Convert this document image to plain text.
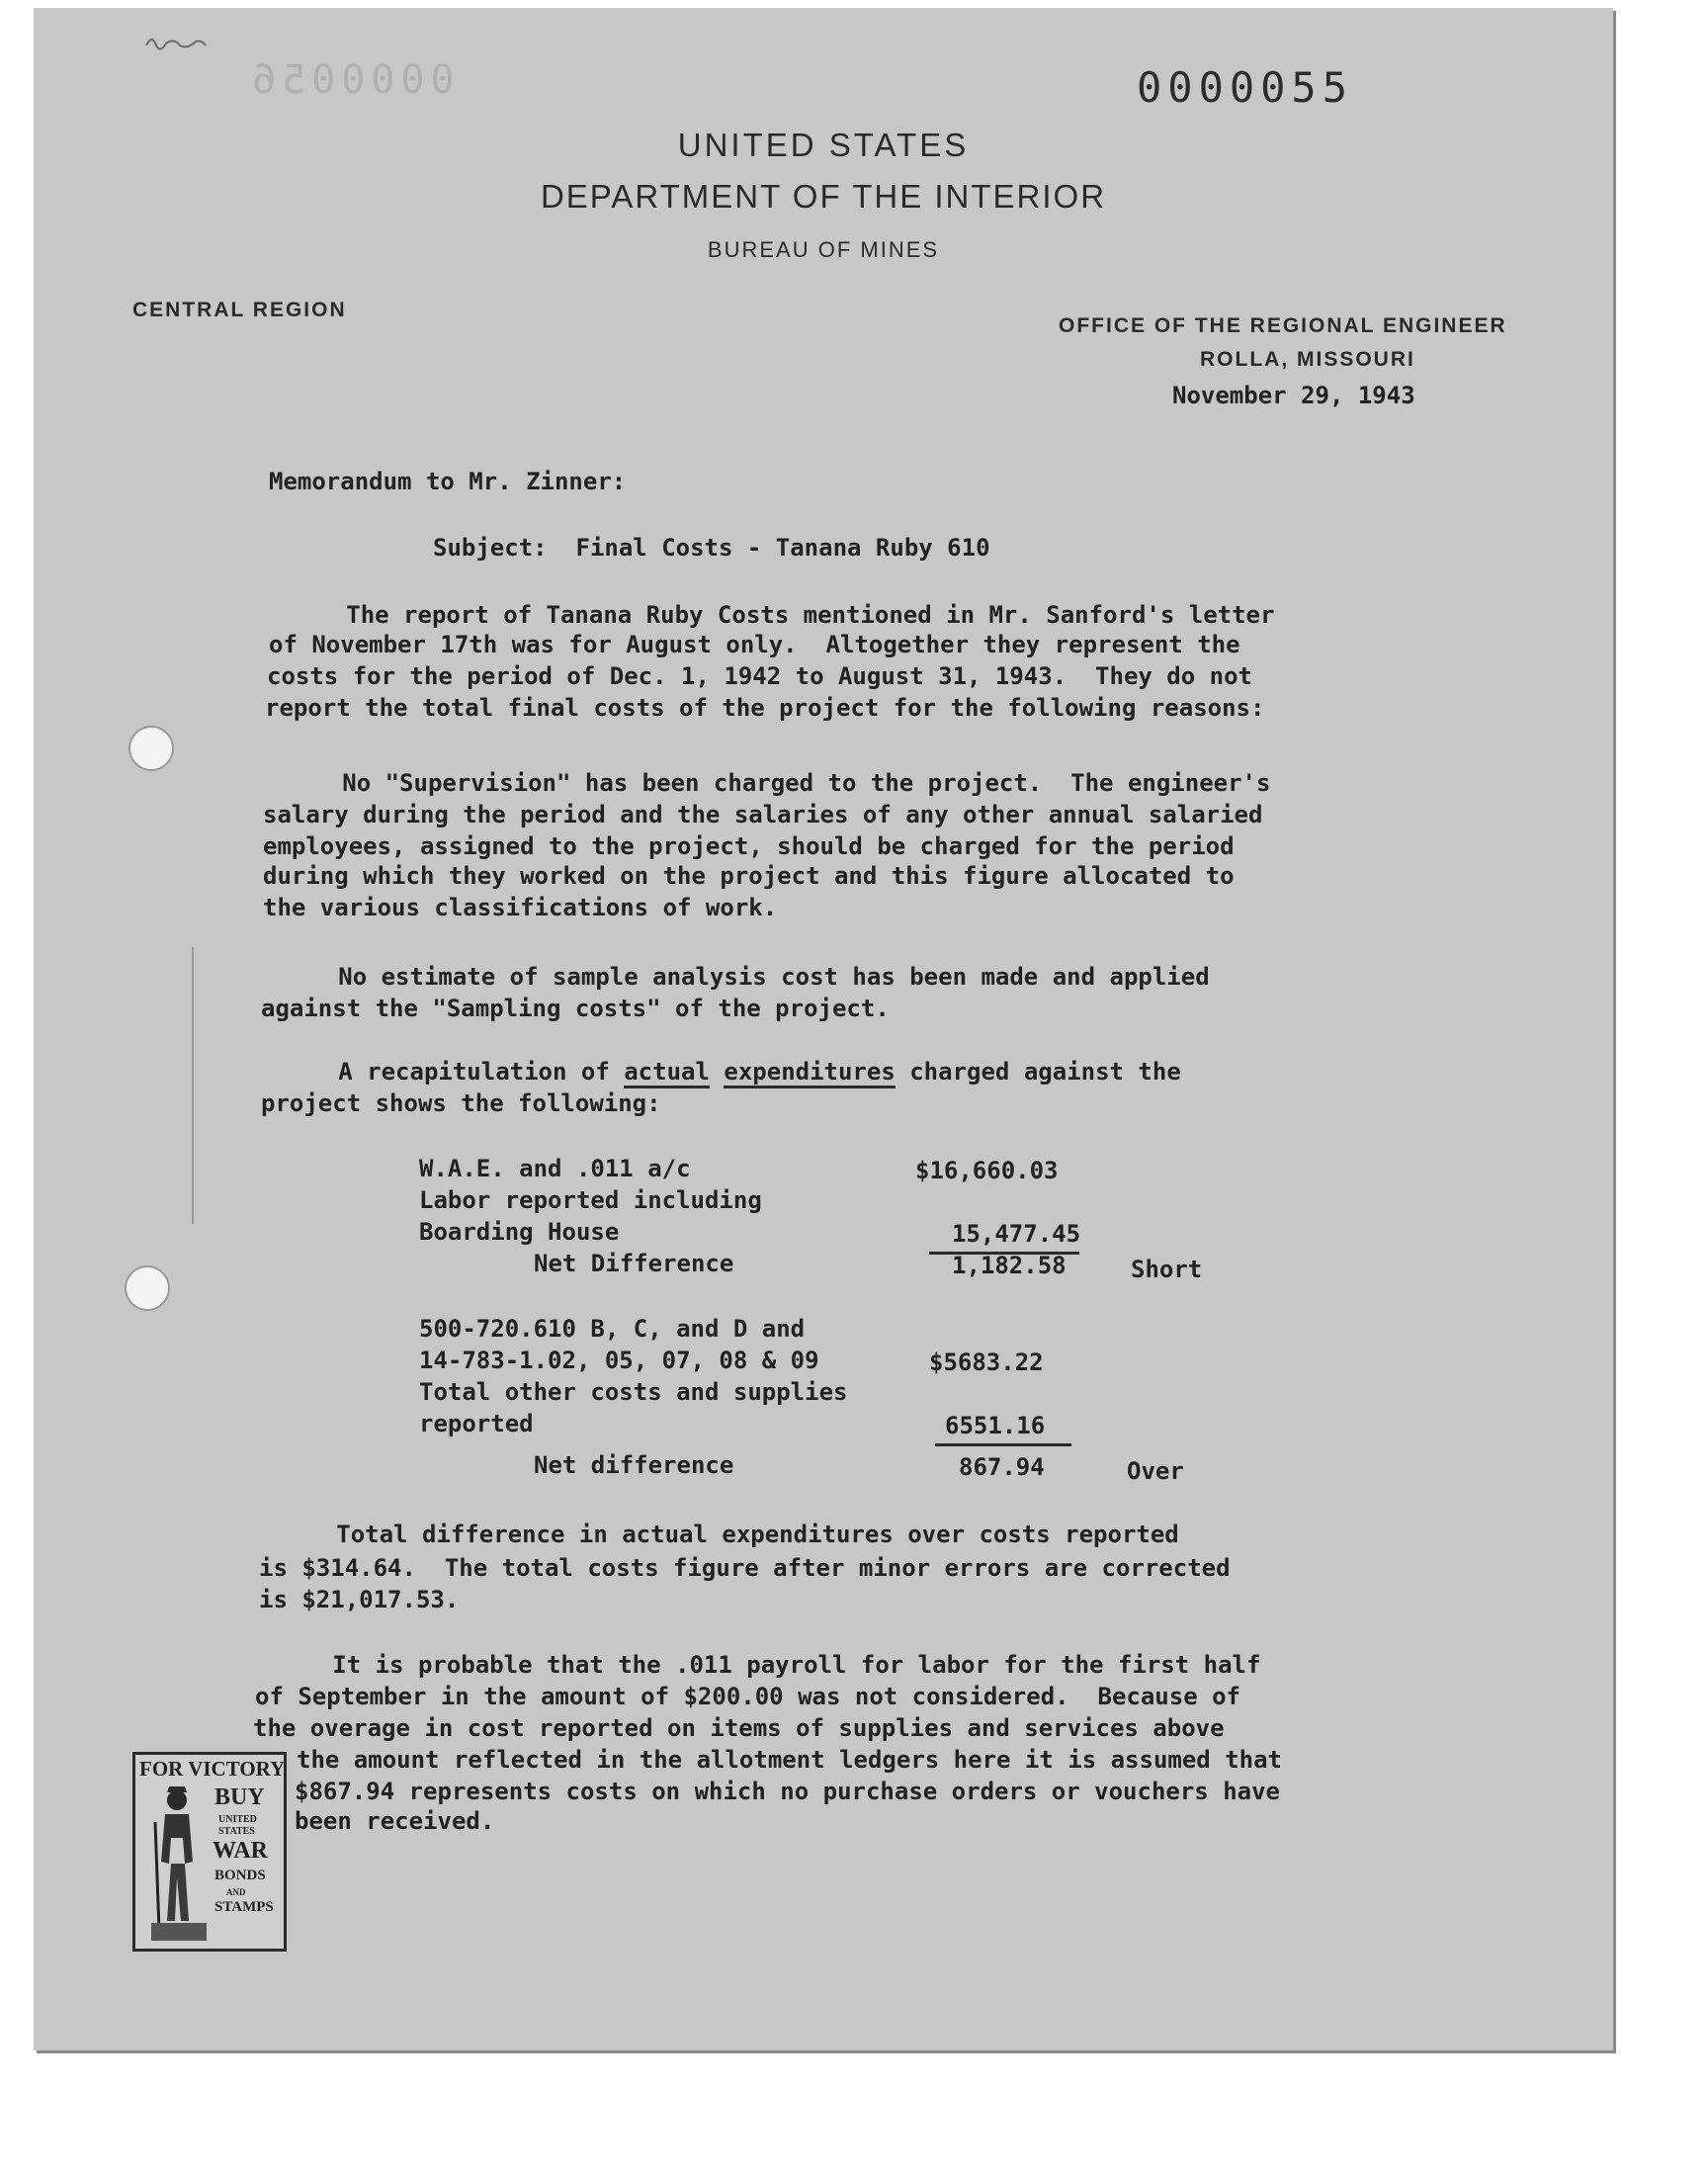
0000056	0000055
UNITED STATES
DEPARTMENT OF THE INTERIOR
BUREAU OF MINES
CENTRAL REGION
OFFICE OF THE REGIONAL ENGINEER
ROLLA, MISSOURI
November 29, 1943
Memorandum to Mr. Zinner:
Subject:  Final Costs - Tanana Ruby 610
The report of Tanana Ruby Costs mentioned in Mr. Sanford's letter
of November 17th was for August only.  Altogether they represent the
costs for the period of Dec. 1, 1942 to August 31, 1943.  They do not
report the total final costs of the project for the following reasons:
No "Supervision" has been charged to the project.  The engineer's
salary during the period and the salaries of any other annual salaried
employees, assigned to the project, should be charged for the period
during which they worked on the project and this figure allocated to
the various classifications of work.
No estimate of sample analysis cost has been made and applied
against the "Sampling costs" of the project.
A recapitulation of actual expenditures charged against the
project shows the following:
W.A.E. and .011 a/c	$16,660.03
Labor reported including
Boarding House	15,477.45
Net Difference	1,182.58	Short
500-720.610 B, C, and D and
14-783-1.02, 05, 07, 08 & 09	$5683.22
Total other costs and supplies
reported	6551.16
Net difference	867.94	Over
Total difference in actual expenditures over costs reported
is $314.64.  The total costs figure after minor errors are corrected
is $21,017.53.
It is probable that the .011 payroll for labor for the first half
of September in the amount of $200.00 was not considered.  Because of
the overage in cost reported on items of supplies and services above
the amount reflected in the allotment ledgers here it is assumed that
$867.94 represents costs on which no purchase orders or vouchers have
been received.

FOR VICTORY

BUY

UNITED

STATES

WAR

BONDS

AND

STAMPS
